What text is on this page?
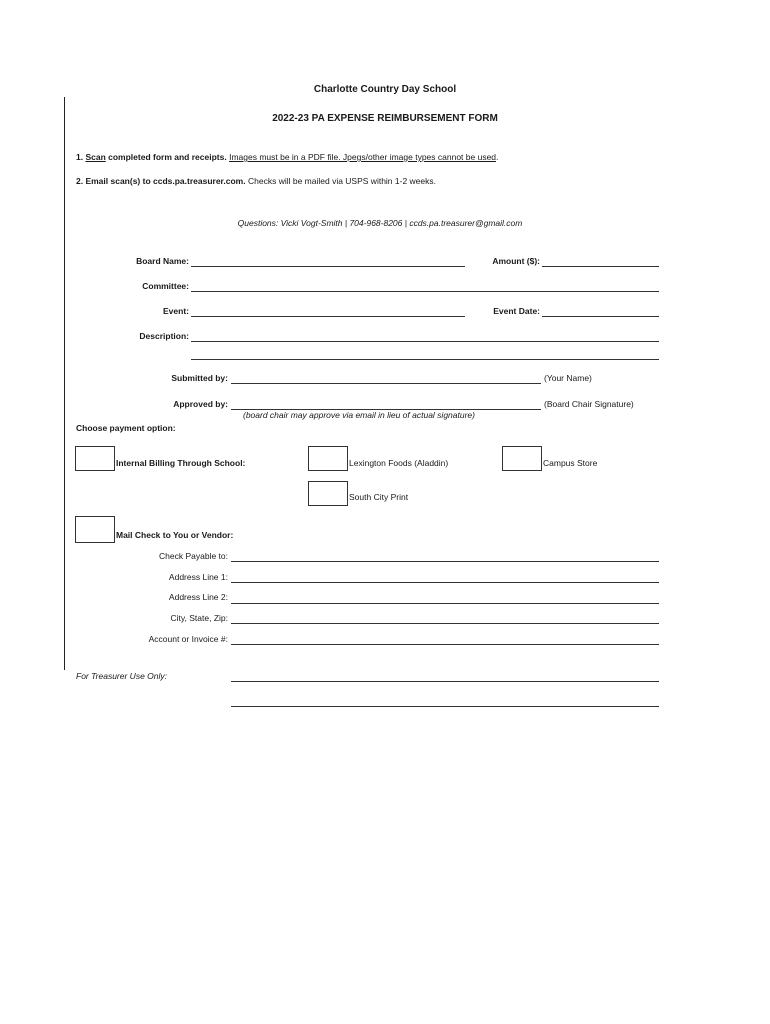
Charlotte Country Day School
2022-23 PA EXPENSE REIMBURSEMENT FORM
1. Scan completed form and receipts. Images must be in a PDF file. Jpegs/other image types cannot be used.
2. Email scan(s) to ccds.pa.treasurer.com. Checks will be mailed via USPS within 1-2 weeks.
Questions: Vicki Vogt-Smith | 704-968-8206 | ccds.pa.treasurer@gmail.com
Board Name:	Amount ($):
Committee:
Event:	Event Date:
Description:
Submitted by:	(Your Name)
Approved by:	(Board Chair Signature)
(board chair may approve via email in lieu of actual signature)
Choose payment option:
Internal Billing Through School:	Lexington Foods (Aladdin)	Campus Store
South City Print
Mail Check to You or Vendor:
Check Payable to:
Address Line 1:
Address Line 2:
City, State, Zip:
Account or Invoice #:
For Treasurer Use Only:
